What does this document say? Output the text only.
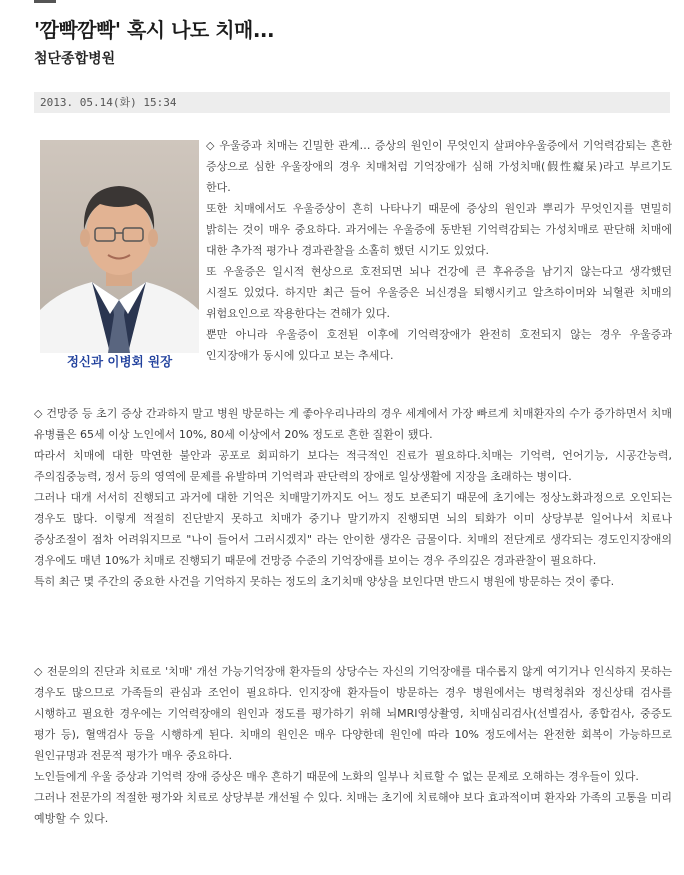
'깜빡깜빡' 혹시 나도 치매...
첨단종합병원
2013. 05.14(화) 15:34
정신과 이병회 원장

◇ 우울증과 치매는 긴밀한 관계… 증상의 원인이 무엇인지 살펴야우울증에서 기억력감퇴는 흔한 증상으로 심한 우울장애의 경우 치매처럼 기억장애가 심해 가성치매(假性癡呆)라고 부르기도 한다.

또한 치매에서도 우울증상이 흔히 나타나기 때문에 증상의 원인과 뿌리가 무엇인지를 면밀히 밝히는 것이 매우 중요하다. 과거에는 우울증에 동반된 기억력감퇴는 가성치매로 판단해 치매에 대한 추가적 평가나 경과관찰을 소홀히 했던 시기도 있었다.

또 우울증은 일시적 현상으로 호전되면 뇌나 건강에 큰 후유증을 남기지 않는다고 생각했던 시절도 있었다. 하지만 최근 들어 우울증은 뇌신경을 퇴행시키고 알츠하이머와 뇌혈관 치매의 위험요인으로 작용한다는 견해가 있다.

뿐만 아니라 우울증이 호전된 이후에 기억력장애가 완전히 호전되지 않는 경우 우울증과 인지장애가 동시에 있다고 보는 추세다.

◇ 건망증 등 초기 증상 간과하지 말고 병원 방문하는 게 좋아우리나라의 경우 세계에서 가장 빠르게 치매환자의 수가 증가하면서 치매 유병률은 65세 이상 노인에서 10%, 80세 이상에서 20% 정도로 흔한 질환이 됐다.

따라서 치매에 대한 막연한 불안과 공포로 회피하기 보다는 적극적인 진료가 필요하다.치매는 기억력, 언어기능, 시공간능력, 주의집중능력, 정서 등의 영역에 문제를 유발하며 기억력과 판단력의 장애로 일상생활에 지장을 초래하는 병이다.

그러나 대개 서서히 진행되고 과거에 대한 기억은 치매말기까지도 어느 정도 보존되기 때문에 초기에는 정상노화과정으로 오인되는 경우도 많다. 이렇게 적절히 진단받지 못하고 치매가 중기나 말기까지 진행되면 뇌의 퇴화가 이미 상당부분 일어나서 치료나 증상조절이 점차 어려워지므로 "나이 들어서 그러시겠지" 라는 안이한 생각은 금물이다. 치매의 전단계로 생각되는 경도인지장애의 경우에도 매년 10%가 치매로 진행되기 때문에 건망증 수준의 기억장애를 보이는 경우 주의깊은 경과관찰이 필요하다.

특히 최근 몇 주간의 중요한 사건을 기억하지 못하는 정도의 초기치매 양상을 보인다면 반드시 병원에 방문하는 것이 좋다.

◇ 전문의의 진단과 치료로 '치매' 개선 가능기억장애 환자들의 상당수는 자신의 기억장애를 대수롭지 않게 여기거나 인식하지 못하는 경우도 많으므로 가족들의 관심과 조언이 필요하다. 인지장애 환자들이 방문하는 경우 병원에서는 병력청취와 정신상태 검사를 시행하고 필요한 경우에는 기억력장애의 원인과 정도를 평가하기 위해 뇌MRI영상촬영, 치매심리검사(선별검사, 종합검사, 중증도 평가 등), 혈액검사 등을 시행하게 된다. 치매의 원인은 매우 다양한데 원인에 따라 10% 정도에서는 완전한 회복이 가능하므로 원인규명과 전문적 평가가 매우 중요하다.

노인들에게 우울 증상과 기억력 장애 증상은 매우 흔하기 때문에 노화의 일부나 치료할 수 없는 문제로 오해하는 경우들이 있다.

그러나 전문가의 적절한 평가와 치료로 상당부분 개선될 수 있다. 치매는 초기에 치료해야 보다 효과적이며 환자와 가족의 고통을 미리 예방할 수 있다.
